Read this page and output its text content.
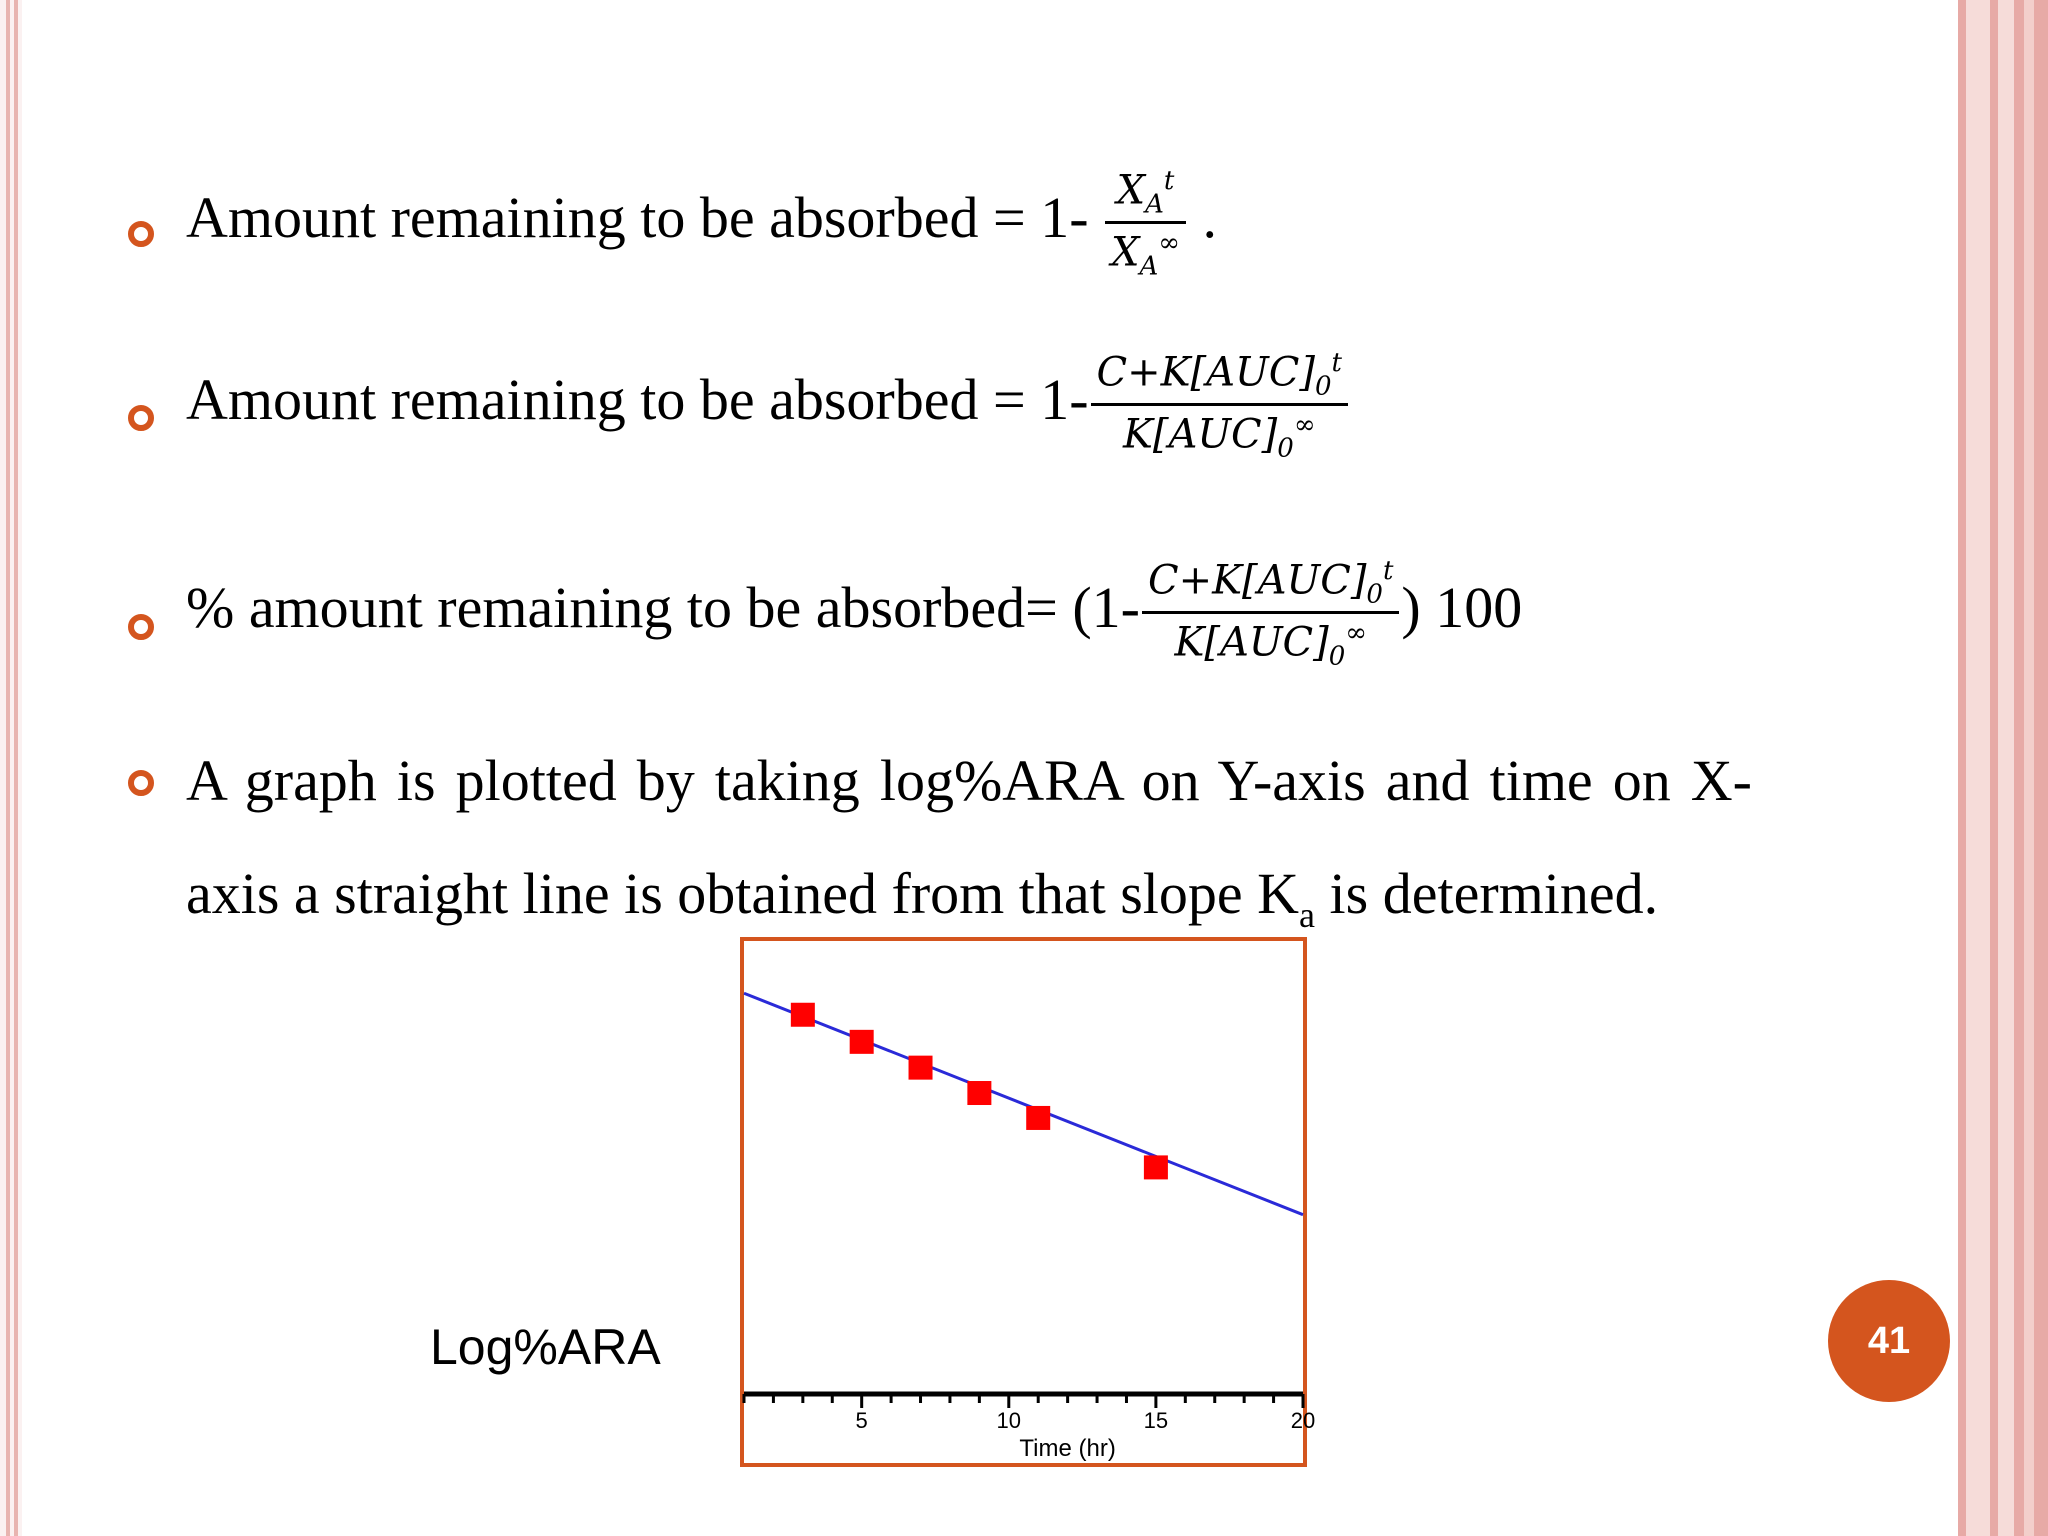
Amount remaining to be absorbed = $1- \frac{X_A^t}{X_A^\infty}$ .
Amount remaining to be absorbed = $1- \frac{C+K[AUC]_0^t}{K[AUC]_0^\infty}$
% amount remaining to be absorbed= ($1- \frac{C+K[AUC]_0^t}{K[AUC]_0^\infty}$ ) 100
A graph is plotted by taking log%ARA on Y-axis and time on X-axis a straight line is obtained from that slope $K_a$ is determined.
Log%ARA
5	10	15	20
Time (hr)
41
